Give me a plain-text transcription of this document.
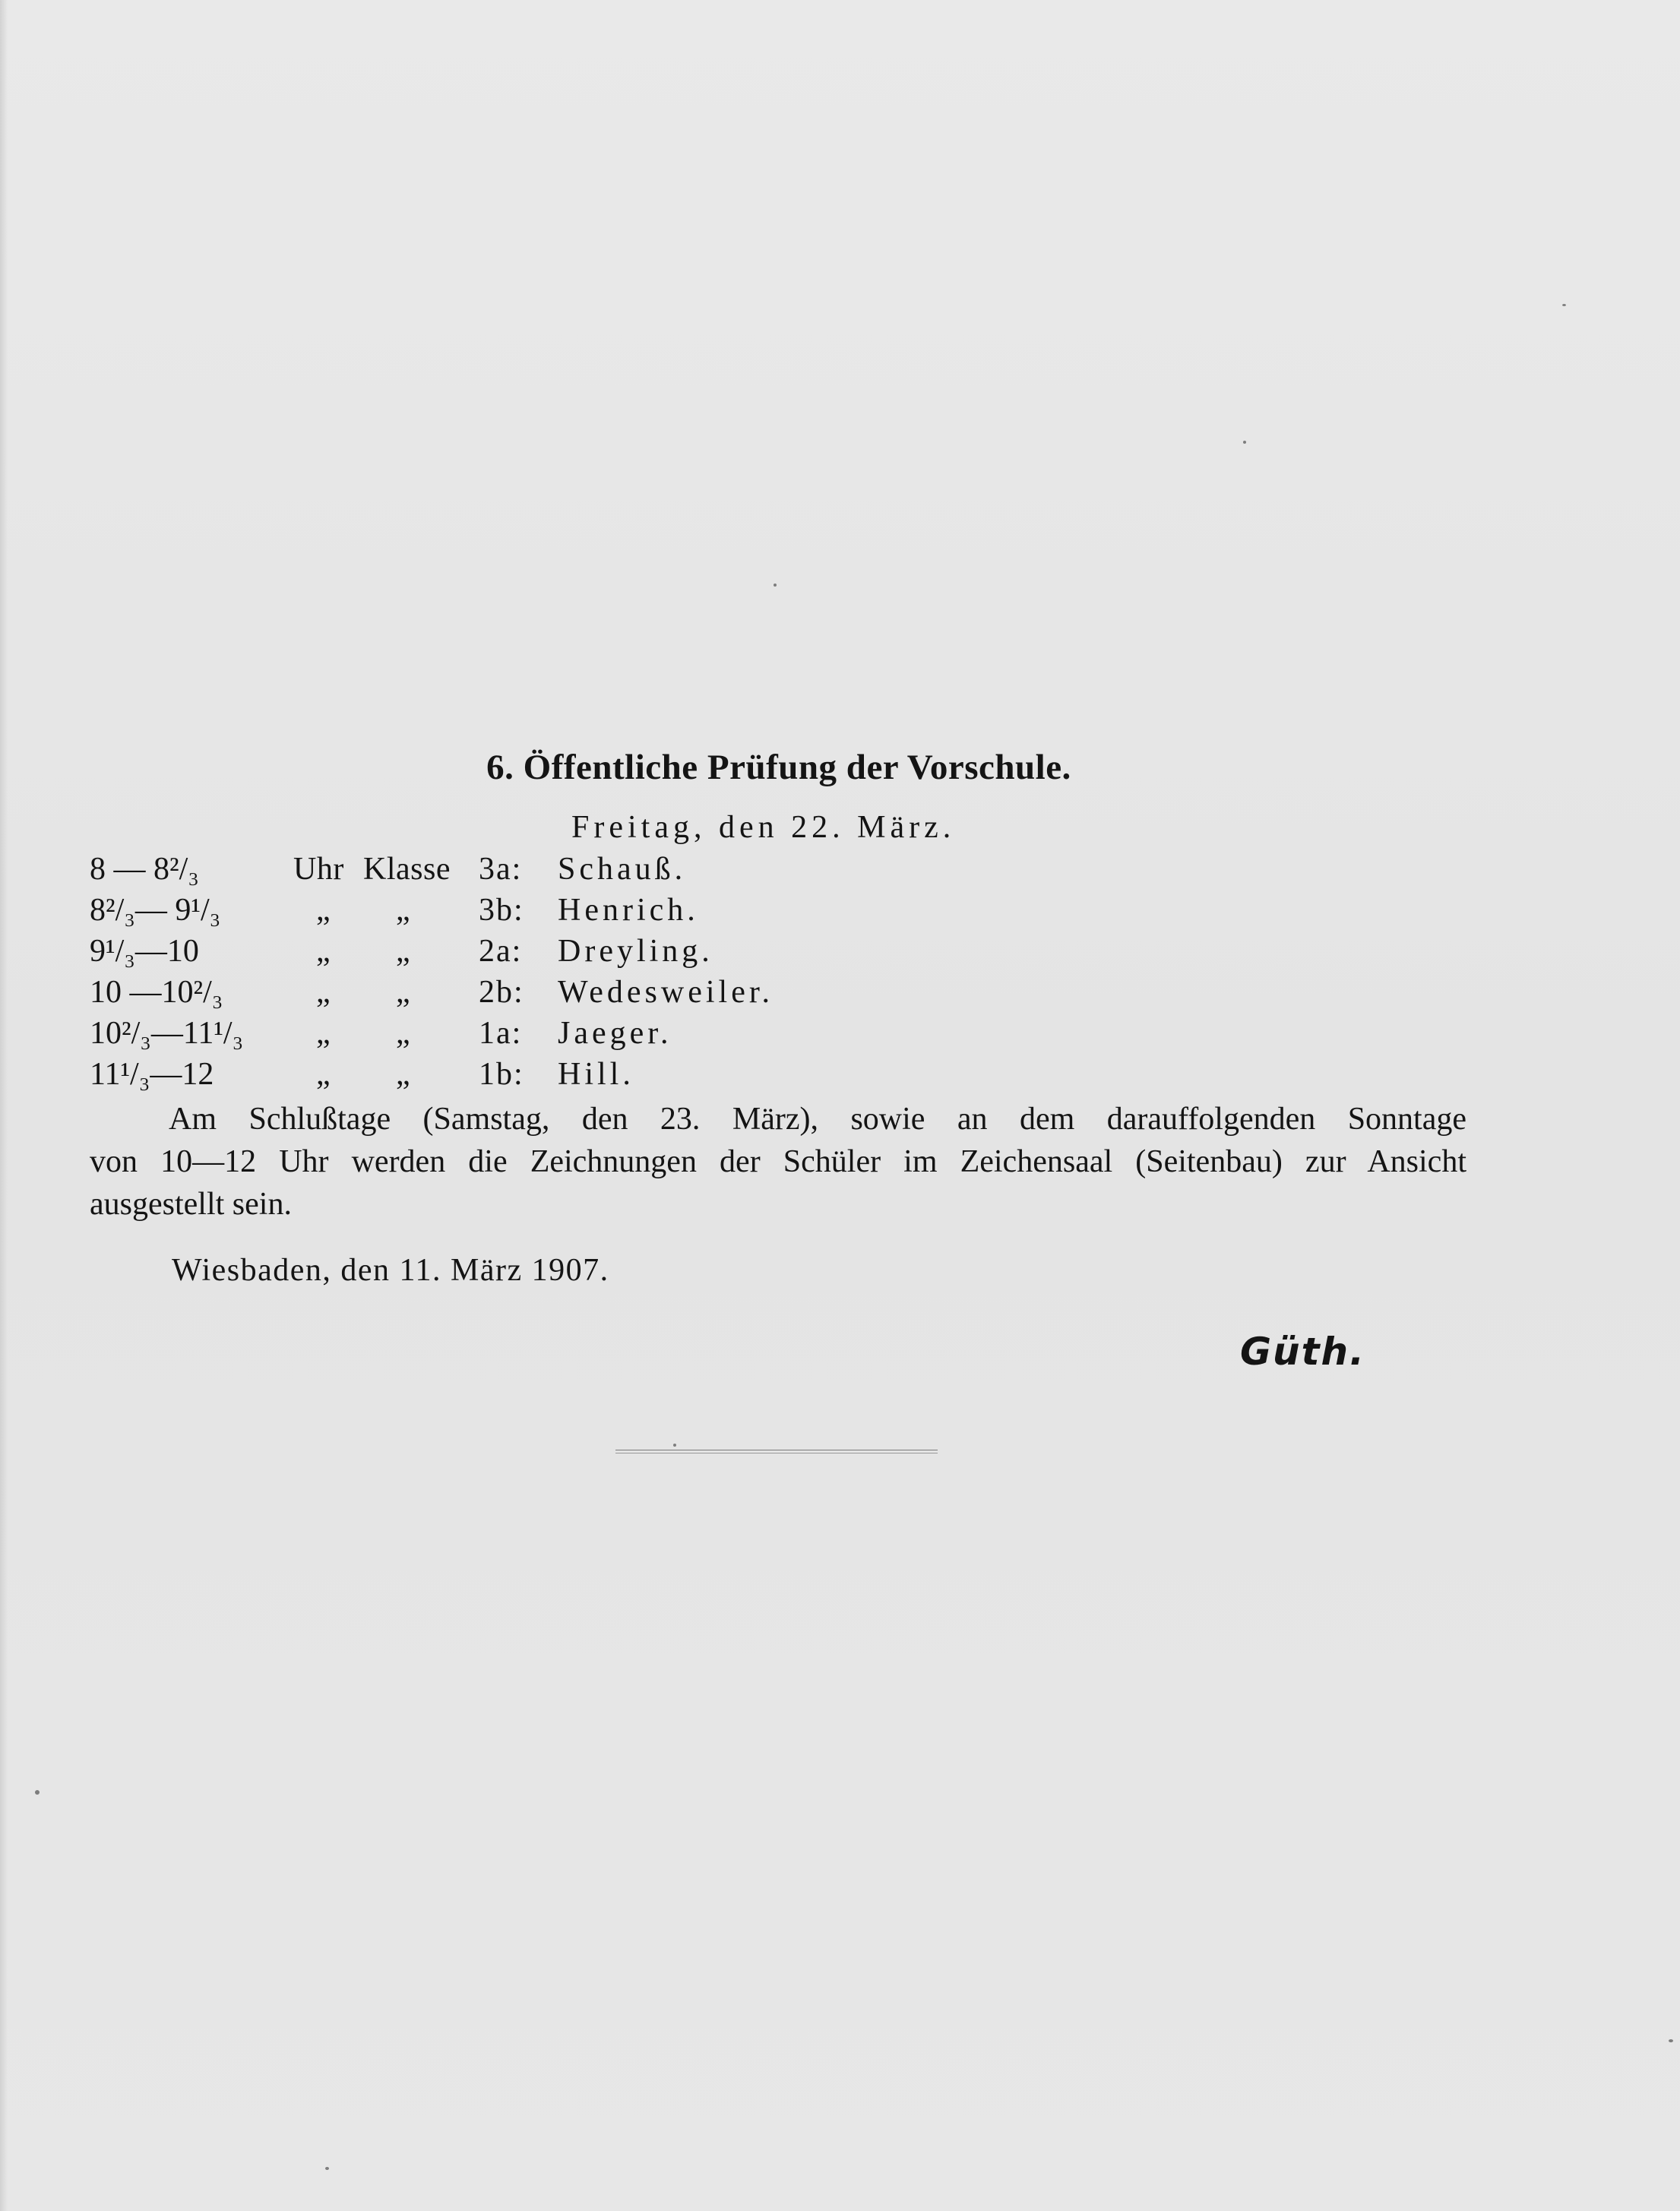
6. Öffentliche Prüfung der Vorschule.
Freitag, den 22. März.
8 — 8²/₃	Uhr Klasse 3a: Schauß.
8²/₃— 9¹/₃	„ „ 3b: Henrich.
9¹/₃—10	„ „ 2a: Dreyling.
10 —10²/₃	„ „ 2b: Wedesweiler.
10²/₃—11¹/₃ „ „ 1a: Jaeger.
11¹/₃—12	„ „ 1b: Hill.

Am Schlußtage (Samstag, den 23. März), sowie an dem darauffolgenden Sonntage

von 10—12 Uhr werden die Zeichnungen der Schüler im Zeichensaal (Seitenbau) zur Ansicht

ausgestellt sein.

Wiesbaden, den 11. März 1907.
Güth.
